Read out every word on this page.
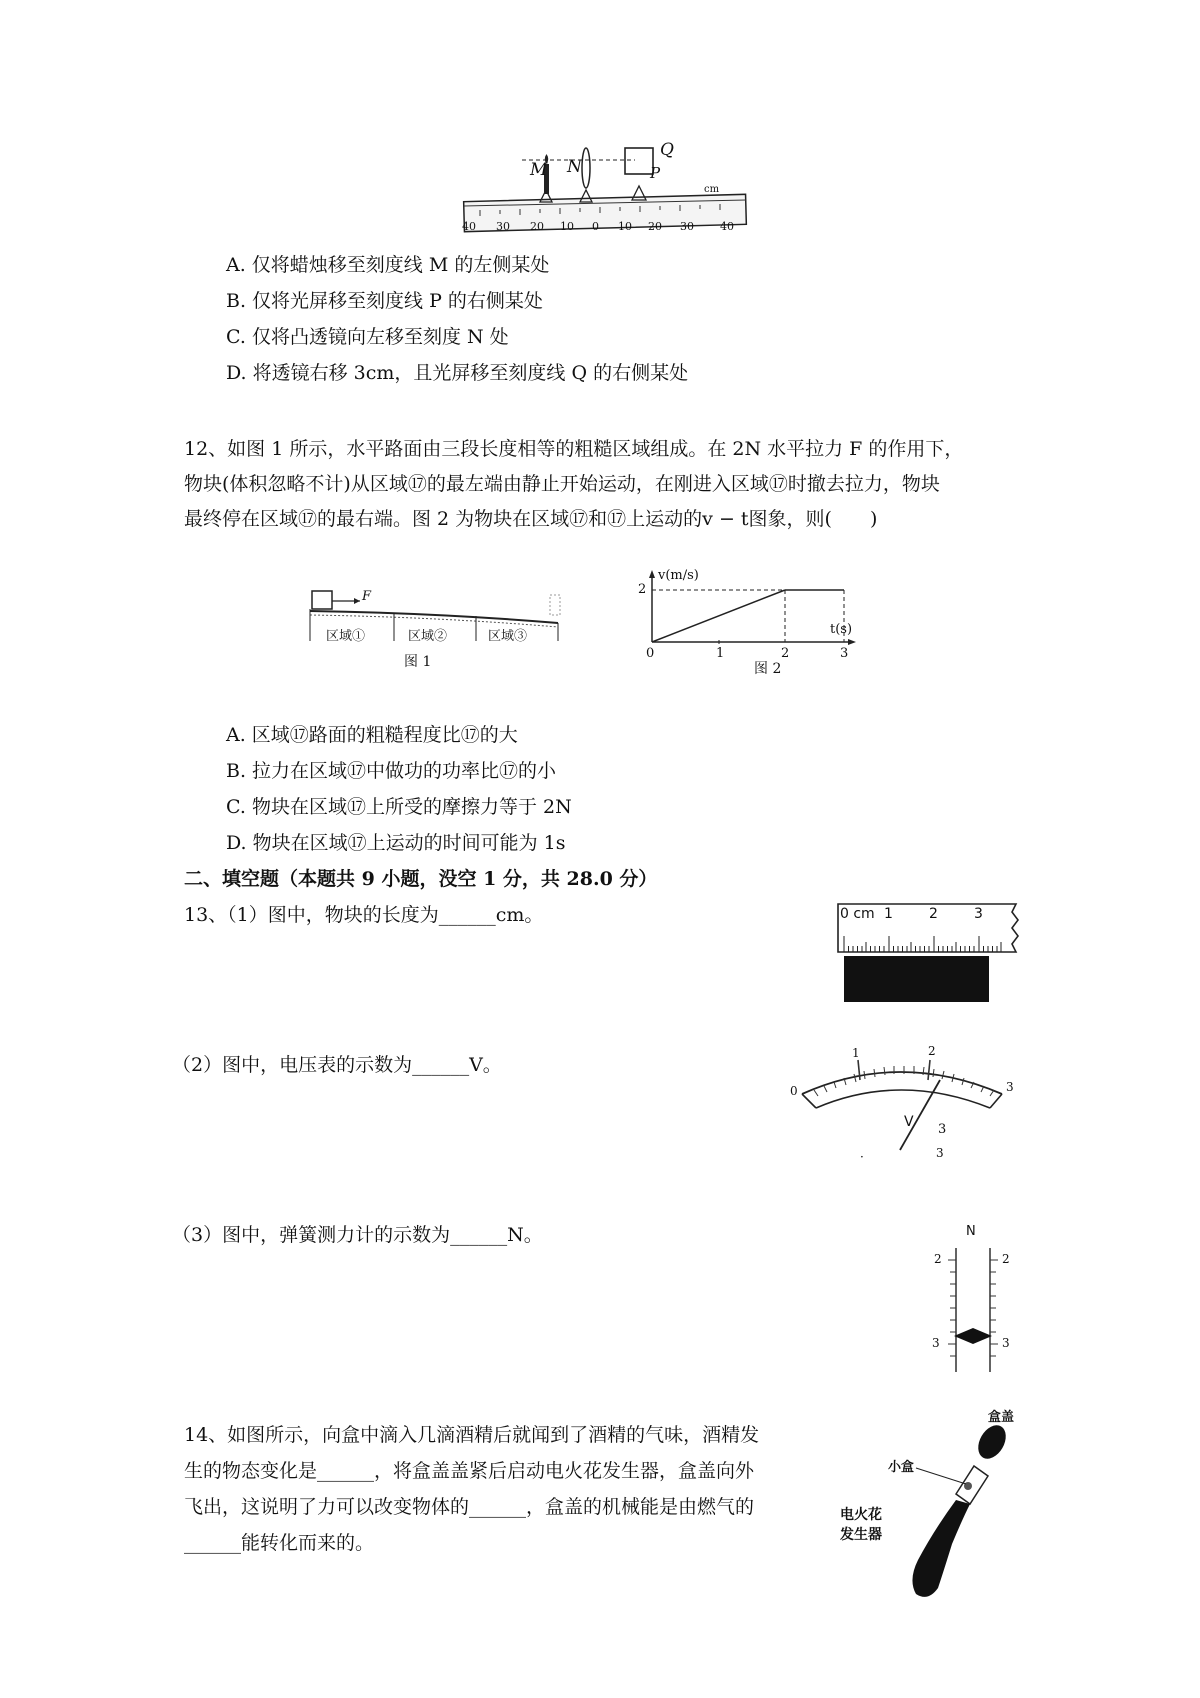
M N	P
Q
cm
40 30 20 10 0 10 20 30 40
A. 仅将蜡烛移至刻度线 M 的左侧某处
B. 仅将光屏移至刻度线 P 的右侧某处
C. 仅将凸透镜向左移至刻度 N 处
D. 将透镜右移 3cm，且光屏移至刻度线 Q 的右侧某处
12、如图 1 所示，水平路面由三段长度相等的粗糙区域组成。在 2N 水平拉力 F 的作用下，
物块(体积忽略不计)从区域⑰的最左端由静止开始运动，在刚进入区域⑰时撤去拉力，物块
最终停在区域⑰的最右端。图 2 为物块在区域⑰和⑰上运动的v − t图象，则(　　)
F
区域①	区域②	区域③
图 1
v(m/s)
t(s)
2
0	1	2	3
图 2
A. 区域⑰路面的粗糙程度比⑰的大
B. 拉力在区域⑰中做功的功率比⑰的小
C. 物块在区域⑰上所受的摩擦力等于 2N
D. 物块在区域⑰上运动的时间可能为 1s
二、填空题（本题共 9 小题，没空 1 分，共 28.0 分）
13、（1）图中，物块的长度为______cm。	0 cm 1	2	3
（2）图中，电压表的示数为______V。
0
1	2
3
V 3
·	3
（3）图中，弹簧测力计的示数为______N。	N
2	2
3	3
14、如图所示，向盒中滴入几滴酒精后就闻到了酒精的气味，酒精发
生的物态变化是______，将盒盖盖紧后启动电火花发生器，盒盖向外
飞出，这说明了力可以改变物体的______，盒盖的机械能是由燃气的
______能转化而来的。
盒盖
小盒
电火花
发生器
